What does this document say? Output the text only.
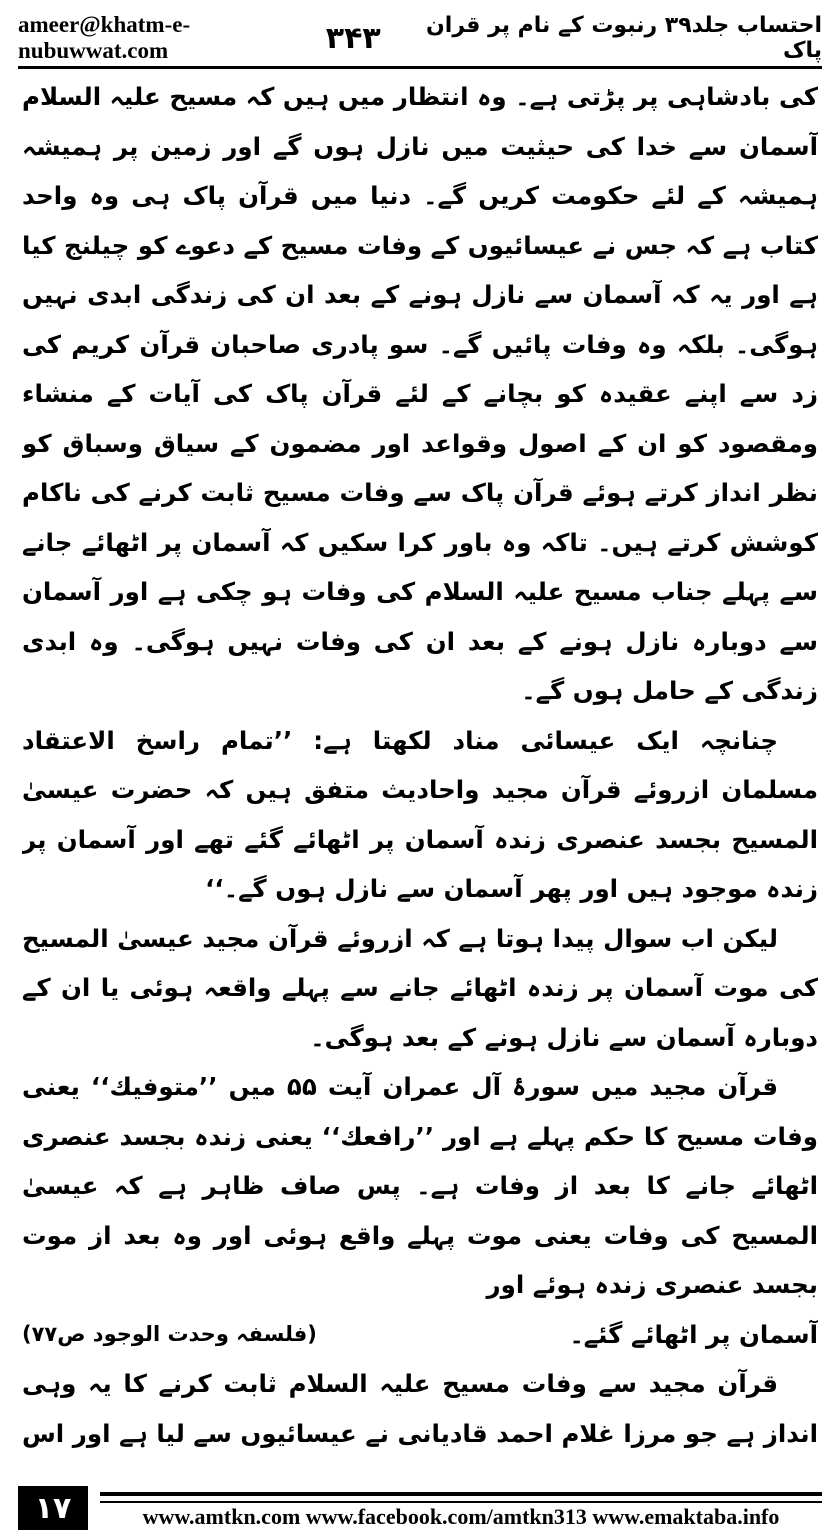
ameer@khatm-e-nubuwwat.com
احتساب جلد۳۹ رنبوت کے نام پر قران پاک
۳۴۳

کی بادشاہی پر پڑتی ہے۔ وہ انتظار میں ہیں کہ مسیح علیہ السلام آسمان سے خدا کی حیثیت میں نازل ہوں گے اور زمین پر ہمیشہ ہمیشہ کے لئے حکومت کریں گے۔ دنیا میں قرآن پاک ہی وہ واحد کتاب ہے کہ جس نے عیسائیوں کے وفات مسیح کے دعوے کو چیلنج کیا ہے اور یہ کہ آسمان سے نازل ہونے کے بعد ان کی زندگی ابدی نہیں ہوگی۔ بلکہ وہ وفات پائیں گے۔ سو پادری صاحبان قرآن کریم کی زد سے اپنے عقیدہ کو بچانے کے لئے قرآن پاک کی آیات کے منشاء ومقصود کو ان کے اصول وقواعد اور مضمون کے سیاق وسباق کو نظر انداز کرتے ہوئے قرآن پاک سے وفات مسیح ثابت کرنے کی ناکام کوشش کرتے ہیں۔ تاکہ وہ باور کرا سکیں کہ آسمان پر اٹھائے جانے سے پہلے جناب مسیح علیہ السلام کی وفات ہو چکی ہے اور آسمان سے دوبارہ نازل ہونے کے بعد ان کی وفات نہیں ہوگی۔ وہ ابدی زندگی کے حامل ہوں گے۔

چنانچہ ایک عیسائی مناد لکھتا ہے: ’’تمام راسخ الاعتقاد مسلمان ازروئے قرآن مجید واحادیث متفق ہیں کہ حضرت عیسیٰ المسیح بجسد عنصری زندہ آسمان پر اٹھائے گئے تھے اور آسمان پر زندہ موجود ہیں اور پھر آسمان سے نازل ہوں گے۔‘‘

لیکن اب سوال پیدا ہوتا ہے کہ ازروئے قرآن مجید عیسیٰ المسیح کی موت آسمان پر زندہ اٹھائے جانے سے پہلے واقعہ ہوئی یا ان کے دوبارہ آسمان سے نازل ہونے کے بعد ہوگی۔

قرآن مجید میں سورۂ آل عمران آیت ۵۵ میں ’’متوفیك‘‘ یعنی وفات مسیح کا حکم پہلے ہے اور ’’رافعك‘‘ یعنی زندہ بجسد عنصری اٹھائے جانے کا بعد از وفات ہے۔ پس صاف ظاہر ہے کہ عیسیٰ المسیح کی وفات یعنی موت پہلے واقع ہوئی اور وہ بعد از موت بجسد عنصری زندہ ہوئے اور

آسمان پر اٹھائے گئے۔
(فلسفہ وحدت الوجود ص۷۷)

قرآن مجید سے وفات مسیح علیہ السلام ثابت کرنے کا یہ وہی انداز ہے جو مرزا غلام احمد قادیانی نے عیسائیوں سے لیا ہے اور اس

۱۷	www.amtkn.com www.facebook.com/amtkn313 www.emaktaba.info
